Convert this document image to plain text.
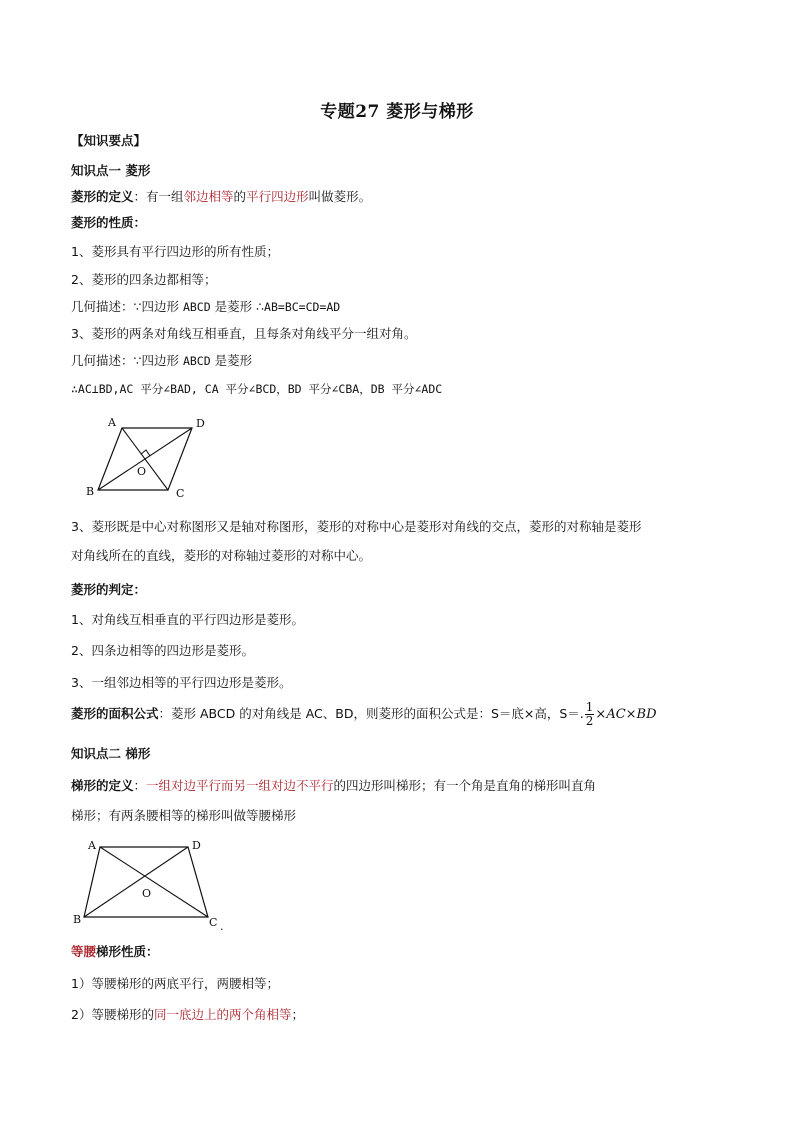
专题27 菱形与梯形
【知识要点】
知识点一 菱形
菱形的定义：有一组邻边相等的平行四边形叫做菱形。
菱形的性质：
1、菱形具有平行四边形的所有性质；
2、菱形的四条边都相等；
几何描述：∵四边形 ABCD 是菱形 ∴AB=BC=CD=AD
3、菱形的两条对角线互相垂直，且每条对角线平分一组对角。
几何描述：∵四边形 ABCD 是菱形
∴AC⊥BD,AC 平分∠BAD, CA 平分∠BCD，BD 平分∠CBA，DB 平分∠ADC
A	D
B	C
O
3、菱形既是中心对称图形又是轴对称图形，菱形的对称中心是菱形对角线的交点，菱形的对称轴是菱形
对角线所在的直线，菱形的对称轴过菱形的对称中心。
菱形的判定：
1、对角线互相垂直的平行四边形是菱形。
2、四条边相等的四边形是菱形。
3、一组邻边相等的平行四边形是菱形。
菱形的面积公式：菱形 ABCD 的对角线是 AC、BD，则菱形的面积公式是：S＝底×高，S＝. $\frac{1}{2} \times AC\times BD$
知识点二 梯形
梯形的定义：一组对边平行而另一组对边不平行的四边形叫梯形；有一个角是直角的梯形叫直角
梯形；有两条腰相等的梯形叫做等腰梯形
A	D
B	C
O
.
等腰梯形性质：
1）等腰梯形的两底平行，两腰相等；
2）等腰梯形的同一底边上的两个角相等；
